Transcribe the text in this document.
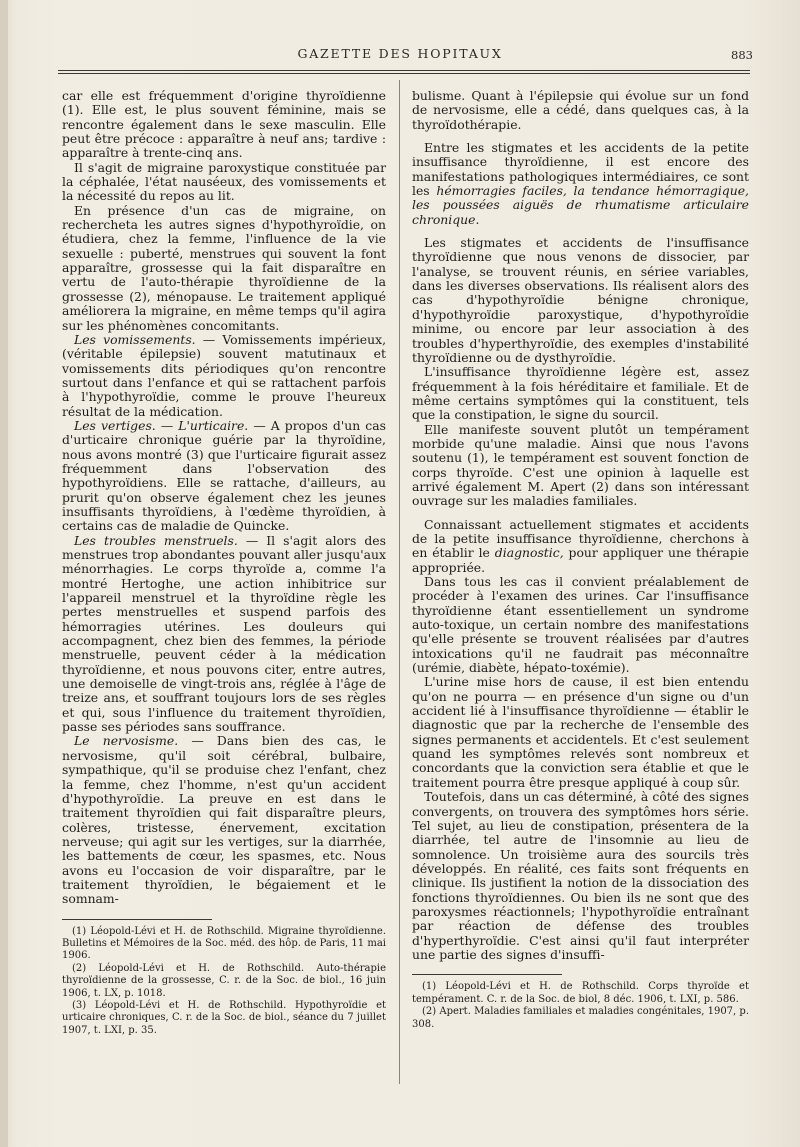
GAZETTE DES HOPITAUX	883

car elle est fréquemment d'origine thyroïdienne (1). Elle est, le plus souvent féminine, mais se rencontre également dans le sexe masculin. Elle peut être précoce : apparaître à neuf ans; tardive : apparaître à trente-cinq ans.

Il s'agit de migraine paroxystique constituée par la céphalée, l'état nauséeux, des vomissements et la nécessité du repos au lit.

En présence d'un cas de migraine, on rechercheta les autres signes d'hypothyroïdie, on étudiera, chez la femme, l'influence de la vie sexuelle : puberté, menstrues qui souvent la font apparaître, grossesse qui la fait disparaître en vertu de l'auto-thérapie thyroïdienne de la grossesse (2), ménopause. Le traitement appliqué améliorera la migraine, en même temps qu'il agira sur les phénomènes concomitants.

Les vomissements. — Vomissements impérieux, (véritable épilepsie) souvent matutinaux et vomissements dits périodiques qu'on rencontre surtout dans l'enfance et qui se rattachent parfois à l'hypothyroïdie, comme le prouve l'heureux résultat de la médication.

Les vertiges. — L'urticaire. — A propos d'un cas d'urticaire chronique guérie par la thyroïdine, nous avons montré (3) que l'urticaire figurait assez fréquemment dans l'observation des hypothyroïdiens. Elle se rattache, d'ailleurs, au prurit qu'on observe également chez les jeunes insuffisants thyroïdiens, à l'œdème thyroïdien, à certains cas de maladie de Quincke.

Les troubles menstruels. — Il s'agit alors des menstrues trop abondantes pouvant aller jusqu'aux ménorrhagies. Le corps thyroïde a, comme l'a montré Hertoghe, une action inhibitrice sur l'appareil menstruel et la thyroïdine règle les pertes menstruelles et suspend parfois des hémorragies utérines. Les douleurs qui accompagnent, chez bien des femmes, la période menstruelle, peuvent céder à la médication thyroïdienne, et nous pouvons citer, entre autres, une demoiselle de vingt-trois ans, réglée à l'âge de treize ans, et souffrant toujours lors de ses règles et qui, sous l'influence du traitement thyroïdien, passe ses périodes sans souffrance.

Le nervosisme. — Dans bien des cas, le nervosisme, qu'il soit cérébral, bulbaire, sympathique, qu'il se produise chez l'enfant, chez la femme, chez l'homme, n'est qu'un accident d'hypothyroïdie. La preuve en est dans le traitement thyroïdien qui fait disparaître pleurs, colères, tristesse, énervement, excitation nerveuse; qui agit sur les vertiges, sur la diarrhée, les battements de cœur, les spasmes, etc. Nous avons eu l'occasion de voir disparaître, par le traitement thyroïdien, le bégaiement et le somnam-

(1) Léopold-Lévi et H. de Rothschild. Migraine thyroïdienne. Bulletins et Mémoires de la Soc. méd. des hôp. de Paris, 11 mai 1906.

(2) Léopold-Lévi et H. de Rothschild. Auto-thérapie thyroïdienne de la grossesse, C. r. de la Soc. de biol., 16 juin 1906, t. LX, p. 1018.

(3) Léopold-Lévi et H. de Rothschild. Hypothyroïdie et urticaire chroniques, C. r. de la Soc. de biol., séance du 7 juillet 1907, t. LXI, p. 35.

bulisme. Quant à l'épilepsie qui évolue sur un fond de nervosisme, elle a cédé, dans quelques cas, à la thyroïdothérapie.

Entre les stigmates et les accidents de la petite insuffisance thyroïdienne, il est encore des manifestations pathologiques intermédiaires, ce sont les hémorragies faciles, la tendance hémorragique, les poussées aiguës de rhumatisme articulaire chronique.

Les stigmates et accidents de l'insuffisance thyroïdienne que nous venons de dissocier, par l'analyse, se trouvent réunis, en sériee variables, dans les diverses observations. Ils réalisent alors des cas d'hypothyroïdie bénigne chronique, d'hypothyroïdie paroxystique, d'hypothyroïdie minime, ou encore par leur association à des troubles d'hyperthyroïdie, des exemples d'instabilité thyroïdienne ou de dysthyroïdie.

L'insuffisance thyroïdienne légère est, assez fréquemment à la fois héréditaire et familiale. Et de même certains symptômes qui la constituent, tels que la constipation, le signe du sourcil.

Elle manifeste souvent plutôt un tempérament morbide qu'une maladie. Ainsi que nous l'avons soutenu (1), le tempérament est souvent fonction de corps thyroïde. C'est une opinion à laquelle est arrivé également M. Apert (2) dans son intéressant ouvrage sur les maladies familiales.

Connaissant actuellement stigmates et accidents de la petite insuffisance thyroïdienne, cherchons à en établir le diagnostic, pour appliquer une thérapie appropriée.

Dans tous les cas il convient préalablement de procéder à l'examen des urines. Car l'insuffisance thyroïdienne étant essentiellement un syndrome auto-toxique, un certain nombre des manifestations qu'elle présente se trouvent réalisées par d'autres intoxications qu'il ne faudrait pas méconnaître (urémie, diabète, hépato-toxémie).

L'urine mise hors de cause, il est bien entendu qu'on ne pourra — en présence d'un signe ou d'un accident lié à l'insuffisance thyroïdienne — établir le diagnostic que par la recherche de l'ensemble des signes permanents et accidentels. Et c'est seulement quand les symptômes relevés sont nombreux et concordants que la conviction sera établie et que le traitement pourra être presque appliqué à coup sûr.

Toutefois, dans un cas déterminé, à côté des signes convergents, on trouvera des symptômes hors série. Tel sujet, au lieu de constipation, présentera de la diarrhée, tel autre de l'insomnie au lieu de somnolence. Un troisième aura des sourcils très développés. En réalité, ces faits sont fréquents en clinique. Ils justifient la notion de la dissociation des fonctions thyroïdiennes. Ou bien ils ne sont que des paroxysmes réactionnels; l'hypothyroïdie entraînant par réaction de défense des troubles d'hyperthyroïdie. C'est ainsi qu'il faut interpréter une partie des signes d'insuffi-

(1) Léopold-Lévi et H. de Rothschild. Corps thyroïde et tempérament. C. r. de la Soc. de biol, 8 déc. 1906, t. LXI, p. 586.

(2) Apert. Maladies familiales et maladies congénitales, 1907, p. 308.
